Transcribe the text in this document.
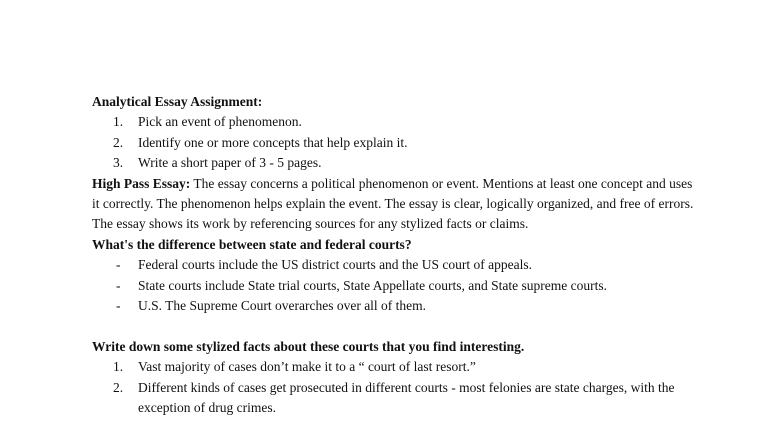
Analytical Essay Assignment:

1. Pick an event of phenomenon.
2. Identify one or more concepts that help explain it.
3. Write a short paper of 3 - 5 pages.

High Pass Essay: The essay concerns a political phenomenon or event. Mentions at least one concept and uses it correctly. The phenomenon helps explain the event. The essay is clear, logically organized, and free of errors. The essay shows its work by referencing sources for any stylized facts or claims.

What's the difference between state and federal courts?

- Federal courts include the US district courts and the US court of appeals.
- State courts include State trial courts, State Appellate courts, and State supreme courts.
- U.S. The Supreme Court overarches over all of them.

Write down some stylized facts about these courts that you find interesting.

1. Vast majority of cases don’t make it to a “ court of last resort.”
2. Different kinds of cases get prosecuted in different courts - most felonies are state charges, with the exception of drug crimes.
